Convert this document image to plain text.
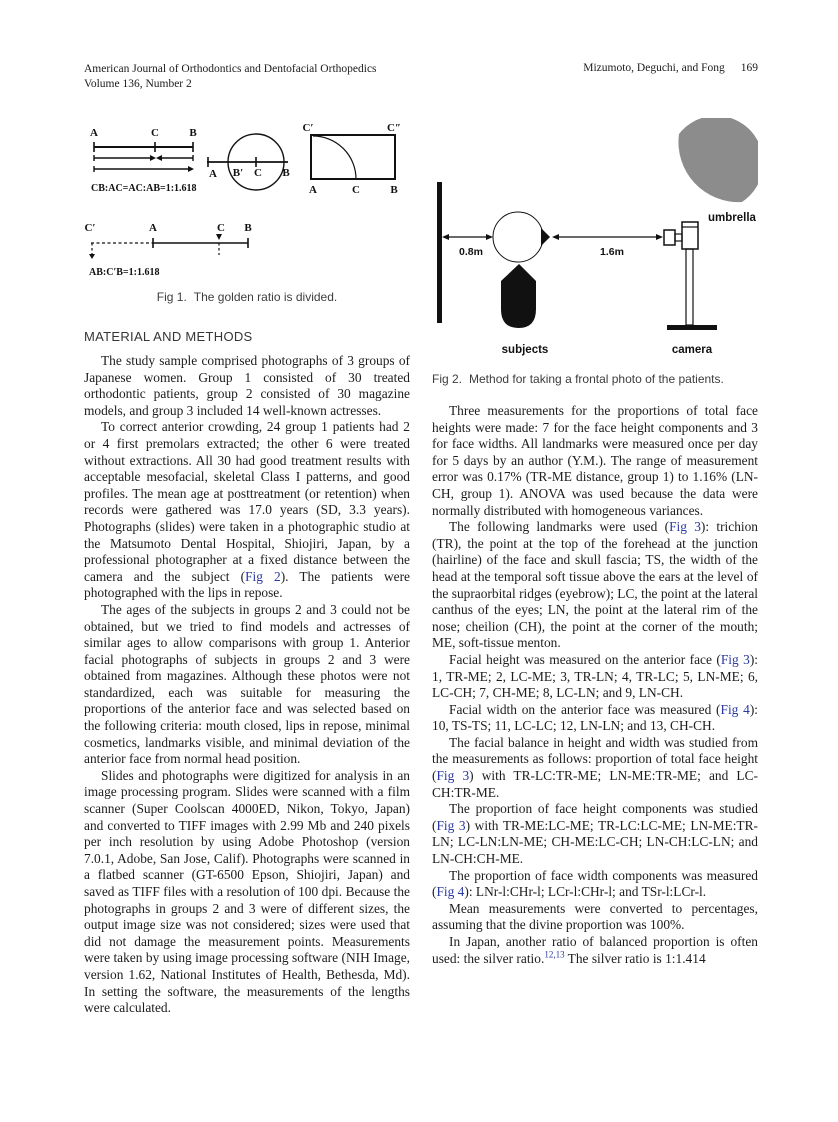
American Journal of Orthodontics and Dentofacial Orthopedics
Volume 136, Number 2
Mizumoto, Deguchi, and Fong 169
A	C	B
CB:AC=AC:AB=1:1.618
A B′ C B
C′	C″
A	C	B
C′	A	C B
AB:C′B=1:1.618
Fig 1. The golden ratio is divided.
MATERIAL AND METHODS

The study sample comprised photographs of 3 groups of Japanese women. Group 1 consisted of 30 treated orthodontic patients, group 2 consisted of 30 magazine models, and group 3 included 14 well-known actresses.

To correct anterior crowding, 24 group 1 patients had 2 or 4 first premolars extracted; the other 6 were treated without extractions. All 30 had good treatment results with acceptable mesofacial, skeletal Class I patterns, and good profiles. The mean age at posttreatment (or retention) when records were gathered was 17.0 years (SD, 3.3 years). Photographs (slides) were taken in a photographic studio at the Matsumoto Dental Hospital, Shiojiri, Japan, by a professional photographer at a fixed distance between the camera and the subject (Fig 2). The patients were photographed with the lips in repose.

The ages of the subjects in groups 2 and 3 could not be obtained, but we tried to find models and actresses of similar ages to allow comparisons with group 1. Anterior facial photographs of subjects in groups 2 and 3 were obtained from magazines. Although these photos were not standardized, each was suitable for measuring the proportions of the anterior face and was selected based on the following criteria: mouth closed, lips in repose, minimal cosmetics, landmarks visible, and minimal deviation of the anterior face from normal head position.

Slides and photographs were digitized for analysis in an image processing program. Slides were scanned with a film scanner (Super Coolscan 4000ED, Nikon, Tokyo, Japan) and converted to TIFF images with 2.99 Mb and 240 pixels per inch resolution by using Adobe Photoshop (version 7.0.1, Adobe, San Jose, Calif). Photographs were scanned in a flatbed scanner (GT-6500 Epson, Shiojiri, Japan) and saved as TIFF files with a resolution of 100 dpi. Because the photographs in groups 2 and 3 were of different sizes, the output image size was not considered; sizes were used that did not damage the measurement points. Measurements were taken by using image processing software (NIH Image, version 1.62, National Institutes of Health, Bethesda, Md). In setting the software, the measurements of the lengths were calculated.

0.8m	1.6m
umbrella
subjects	camera
Fig 2. Method for taking a frontal photo of the patients.

Three measurements for the proportions of total face heights were made: 7 for the face height components and 3 for face widths. All landmarks were measured once per day for 5 days by an author (Y.M.). The range of measurement error was 0.17% (TR-ME distance, group 1) to 1.16% (LN-CH, group 1). ANOVA was used because the data were normally distributed with homogeneous variances.

The following landmarks were used (Fig 3): trichion (TR), the point at the top of the forehead at the junction (hairline) of the face and skull fascia; TS, the width of the head at the temporal soft tissue above the ears at the level of the supraorbital ridges (eyebrow); LC, the point at the lateral canthus of the eyes; LN, the point at the lateral rim of the nose; cheilion (CH), the point at the corner of the mouth; ME, soft-tissue menton.

Facial height was measured on the anterior face (Fig 3): 1, TR-ME; 2, LC-ME; 3, TR-LN; 4, TR-LC; 5, LN-ME; 6, LC-CH; 7, CH-ME; 8, LC-LN; and 9, LN-CH.

Facial width on the anterior face was measured (Fig 4): 10, TS-TS; 11, LC-LC; 12, LN-LN; and 13, CH-CH.

The facial balance in height and width was studied from the measurements as follows: proportion of total face height (Fig 3) with TR-LC:TR-ME; LN-ME:TR-ME; and LC-CH:TR-ME.

The proportion of face height components was studied (Fig 3) with TR-ME:LC-ME; TR-LC:LC-ME; LN-ME:TR-LN; LC-LN:LN-ME; CH-ME:LC-CH; LN-CH:LC-LN; and LN-CH:CH-ME.

The proportion of face width components was measured (Fig 4): LNr-l:CHr-l; LCr-l:CHr-l; and TSr-l:LCr-l.

Mean measurements were converted to percentages, assuming that the divine proportion was 100%.

In Japan, another ratio of balanced proportion is often used: the silver ratio.$^{12,13}$ The silver ratio is 1:1.414
